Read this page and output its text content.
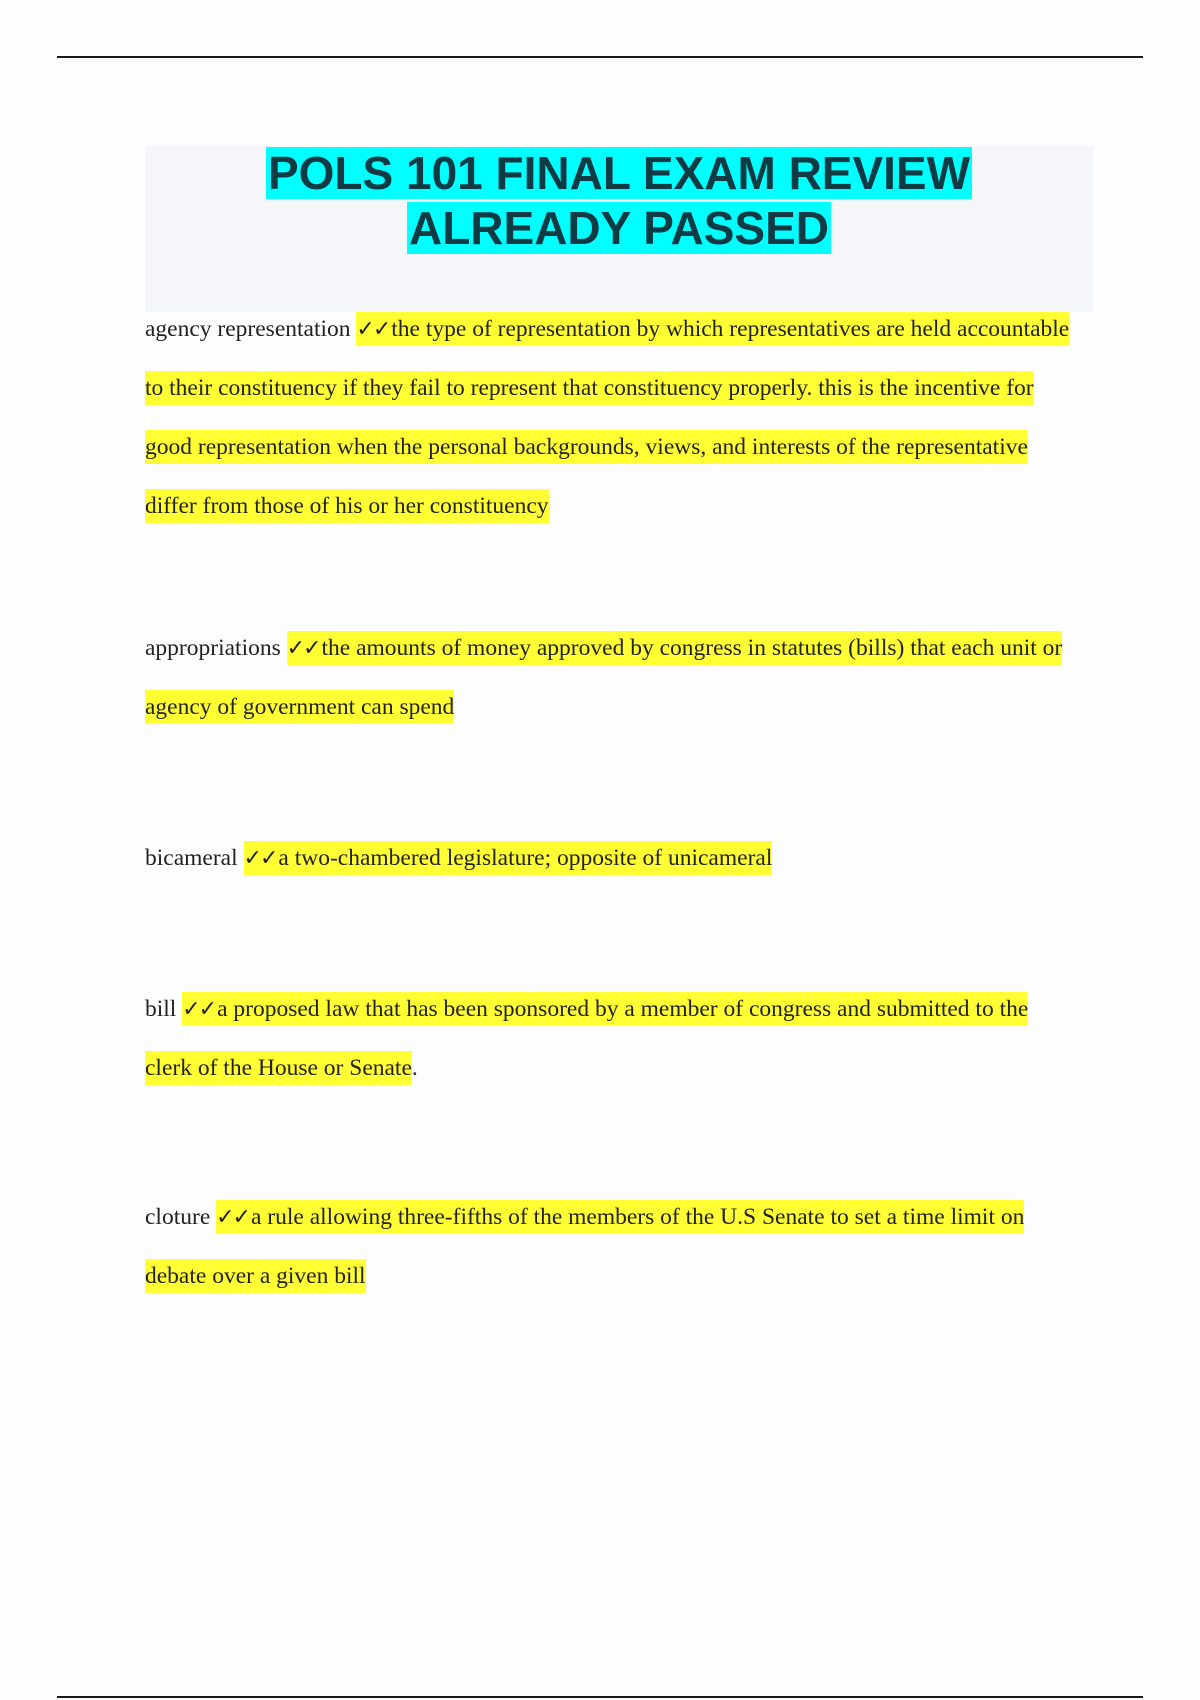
POLS 101 FINAL EXAM REVIEW
ALREADY PASSED

agency representation ✓✓the type of representation by which representatives are held accountable to their constituency if they fail to represent that constituency properly. this is the incentive for good representation when the personal backgrounds, views, and interests of the representative differ from those of his or her constituency

appropriations ✓✓the amounts of money approved by congress in statutes (bills) that each unit or agency of government can spend

bicameral ✓✓a two-chambered legislature; opposite of unicameral

bill ✓✓a proposed law that has been sponsored by a member of congress and submitted to the clerk of the House or Senate.

cloture ✓✓a rule allowing three-fifths of the members of the U.S Senate to set a time limit on debate over a given bill
